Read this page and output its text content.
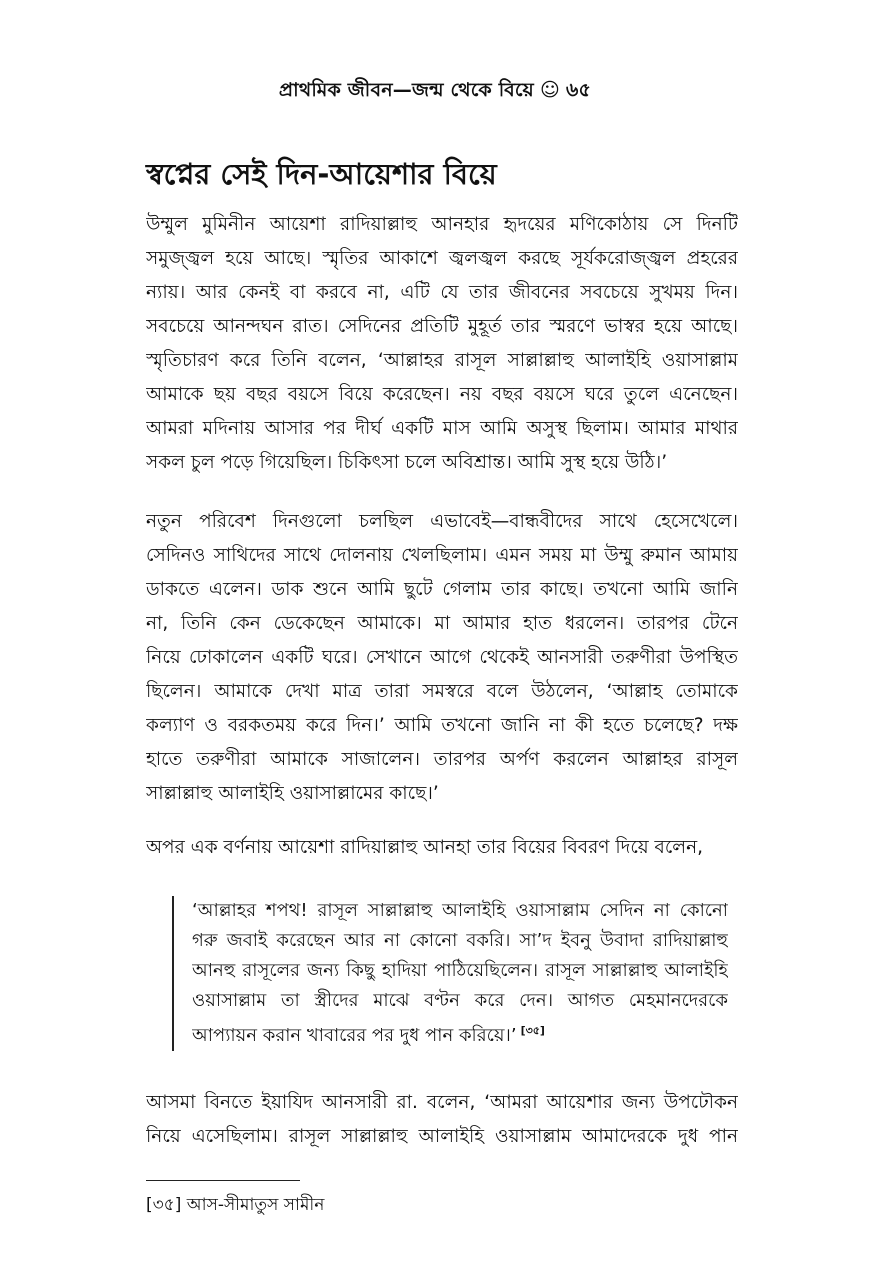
প্রাথমিক জীবন—জন্ম থেকে বিয়ে ☺ ৬৫
স্বপ্নের সেই দিন-আয়েশার বিয়ে

উম্মুল মুমিনীন আয়েশা রাদিয়াল্লাহু আনহার হৃদয়ের মণিকোঠায় সে দিনটি
সমুজ্জ্বল হয়ে আছে। স্মৃতির আকাশে জ্বলজ্বল করছে সূর্যকরোজ্জ্বল প্রহরের
ন্যায়। আর কেনই বা করবে না, এটি যে তার জীবনের সবচেয়ে সুখময় দিন।
সবচেয়ে আনন্দঘন রাত। সেদিনের প্রতিটি মুহূর্ত তার স্মরণে ভাস্বর হয়ে আছে।
স্মৃতিচারণ করে তিনি বলেন, ‘আল্লাহর রাসূল সাল্লাল্লাহু আলাইহি ওয়াসাল্লাম
আমাকে ছয় বছর বয়সে বিয়ে করেছেন। নয় বছর বয়সে ঘরে তুলে এনেছেন।
আমরা মদিনায় আসার পর দীর্ঘ একটি মাস আমি অসুস্থ ছিলাম। আমার মাথার
সকল চুল পড়ে গিয়েছিল। চিকিৎসা চলে অবিশ্রান্ত। আমি সুস্থ হয়ে উঠি।’

নতুন পরিবেশ দিনগুলো চলছিল এভাবেই—বান্ধবীদের সাথে হেসেখেলে।
সেদিনও সাথিদের সাথে দোলনায় খেলছিলাম। এমন সময় মা উম্মু রুমান আমায়
ডাকতে এলেন। ডাক শুনে আমি ছুটে গেলাম তার কাছে। তখনো আমি জানি
না, তিনি কেন ডেকেছেন আমাকে। মা আমার হাত ধরলেন। তারপর টেনে
নিয়ে ঢোকালেন একটি ঘরে। সেখানে আগে থেকেই আনসারী তরুণীরা উপস্থিত
ছিলেন। আমাকে দেখা মাত্র তারা সমস্বরে বলে উঠলেন, ‘আল্লাহ তোমাকে
কল্যাণ ও বরকতময় করে দিন।’ আমি তখনো জানি না কী হতে চলেছে? দক্ষ
হাতে তরুণীরা আমাকে সাজালেন। তারপর অর্পণ করলেন আল্লাহর রাসূল
সাল্লাল্লাহু আলাইহি ওয়াসাল্লামের কাছে।’

অপর এক বর্ণনায় আয়েশা রাদিয়াল্লাহু আনহা তার বিয়ের বিবরণ দিয়ে বলেন,

‘আল্লাহর শপথ! রাসূল সাল্লাল্লাহু আলাইহি ওয়াসাল্লাম সেদিন না কোনো
গরু জবাই করেছেন আর না কোনো বকরি। সা’দ ইবনু উবাদা রাদিয়াল্লাহু
আনহু রাসূলের জন্য কিছু হাদিয়া পাঠিয়েছিলেন। রাসূল সাল্লাল্লাহু আলাইহি
ওয়াসাল্লাম তা স্ত্রীদের মাঝে বণ্টন করে দেন। আগত মেহমানদেরকে
আপ্যায়ন করান খাবারের পর দুধ পান করিয়ে।’ [৩৫]

আসমা বিনতে ইয়াযিদ আনসারী রা. বলেন, ‘আমরা আয়েশার জন্য উপঢৌকন
নিয়ে এসেছিলাম। রাসূল সাল্লাল্লাহু আলাইহি ওয়াসাল্লাম আমাদেরকে দুধ পান

[৩৫] আস-সীমাতুস সামীন
